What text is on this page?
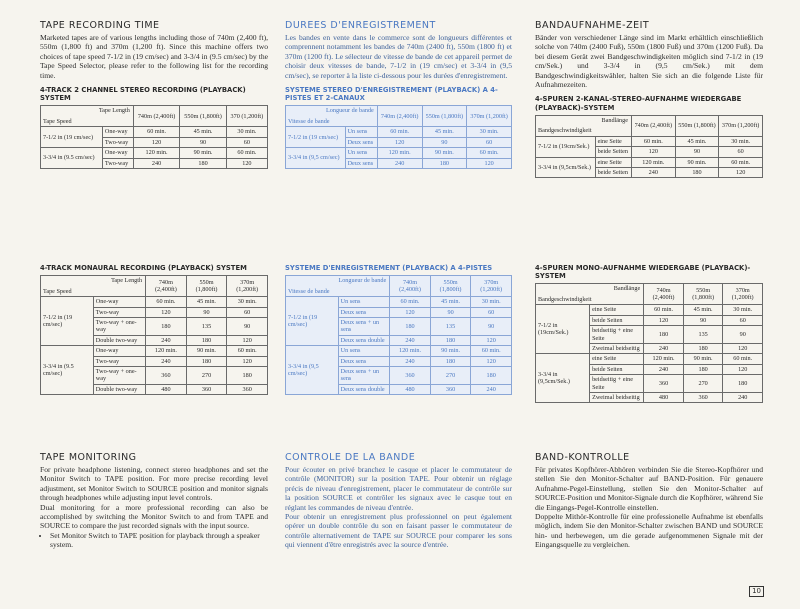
TAPE RECORDING TIME

Marketed tapes are of various lengths including those of 740m (2,400 ft), 550m (1,800 ft) and 370m (1,200 ft). Since this machine offers two choices of tape speed 7-1/2 in (19 cm/sec) and 3-3/4 in (9.5 cm/sec) by the Tape Speed Selector, please refer to the following list for the recording time.

4-TRACK 2 CHANNEL STEREO RECORDING (PLAYBACK) SYSTEM
Tape Length
Tape Speed		740m (2,400ft)	550m (1,800ft)	370 (1,200ft)
7-1/2 in (19 cm/sec)	One-way	60 min.	45 min.	30 min.
	Two-way	120	90	60
3-3/4 in (9.5 cm/sec)	One-way	120 min.	90 min.	60 min.
	Two-way	240	180	120
4-TRACK MONAURAL RECORDING (PLAYBACK) SYSTEM
Tape Length
Tape Speed		740m (2,400ft)	550m (1,800ft)	370m (1,200ft)
7-1/2 in (19 cm/sec)	One-way	60 min.	45 min.	30 min.
	Two-way	120	90	60
	Two-way + one-way	180	135	90
	Double two-way	240	180	120
3-3/4 in (9.5 cm/sec)	One-way	120 min.	90 min.	60 min.
	Two-way	240	180	120
	Two-way + one-way	360	270	180
	Double two-way	480	360	360
TAPE MONITORING

For private headphone listening, connect stereo headphones and set the Monitor Switch to TAPE position. For more precise recording level adjustment, set Monitor Switch to SOURCE position and monitor signals through headphones while adjusting input level controls.

Dual monitoring for a more professional recording can also be accomplished by switching the Monitor Switch to and from TAPE and SOURCE to compare the just recorded signals with the input source.

• Set Monitor Switch to TAPE position for playback through a speaker system.
DUREES D'ENREGISTREMENT

Les bandes en vente dans le commerce sont de longueurs différentes et comprennent notamment les bandes de 740m (2400 ft), 550m (1800 ft) et 370m (1200 ft). Le sélecteur de vitesse de bande de cet appareil permet de choisir deux vitesses de bande, 7-1/2 in (19 cm/sec) et 3-3/4 in (9,5 cm/sec), se reporter à la liste ci-dessous pour les durées d'enregistrement.

SYSTEME STEREO D'ENREGISTREMENT (PLAYBACK) A 4-PISTES ET 2-CANAUX
Longueur de bande
Vitesse de bande		740m (2,400ft)	550m (1,800ft)	370m (1,200ft)
7-1/2 in (19 cm/sec)	Un sens	60 min.	45 min.	30 min.
	Deux sens	120	90	60
3-3/4 in (9,5 cm/sec)	Un sens	120 min.	90 min.	60 min.
	Deux sens	240	180	120
SYSTEME D'ENREGISTREMENT (PLAYBACK) A 4-PISTES
Longueur de bande
Vitesse de bande		740m (2,400ft)	550m (1,800ft)	370m (1,200ft)
7-1/2 in (19 cm/sec)	Un sens	60 min.	45 min.	30 min.
	Deux sens	120	90	60
	Deux sens + un sens	180	135	90
	Deux sens double	240	180	120
3-3/4 in (9,5 cm/sec)	Un sens	120 min.	90 min.	60 min.
	Deux sens	240	180	120
	Deux sens + un sens	360	270	180
	Deux sens double	480	360	240
CONTROLE DE LA BANDE

Pour écouter en privé branchez le casque et placer le commutateur de contrôle (MONITOR) sur la position TAPE. Pour obtenir un réglage précis de niveau d'enregistrement, placer le commutateur de contrôle sur la position SOURCE et contrôler les signaux avec le casque tout en réglant les commandes de niveau d'entrée.

Pour obtenir un enregistrement plus professionnel on peut également opérer un double contrôle du son en faisant passer le commutateur de contrôle alternativement de TAPE sur SOURCE pour comparer les sons qui viennent d'être enregistrés avec la source d'entrée.

BANDAUFNAHME-ZEIT

Bänder von verschiedener Länge sind im Markt erhältlich einschließlich solche von 740m (2400 Fuß), 550m (1800 Fuß) und 370m (1200 Fuß). Da bei diesem Gerät zwei Bandgeschwindigkeiten möglich sind 7-1/2 in (19 cm/Sek.) und 3-3/4 in (9,5 cm/Sek.) mit dem Bandgeschwindigkeitswähler, halten Sie sich an die folgende Liste für Aufnahmezeiten.

4-SPUREN 2-KANAL-STEREO-AUFNAHME WIEDERGABE (PLAYBACK)-SYSTEM
Bandlänge
Bandgeschwindigkeit		740m (2,400ft)	550m (1,800ft)	370m (1,200ft)
7-1/2 in (19cm/Sek.)	eine Seite	60 min.	45 min.	30 min.
	beide Seiten	120	90	60
3-3/4 in (9,5cm/Sek.)	eine Seite	120 min.	90 min.	60 min.
	beide Seiten	240	180	120
4-SPUREN MONO-AUFNAHME WIEDERGABE (PLAYBACK)-SYSTEM
Bandlänge
Bandgeschwindigkeit		740m (2,400ft)	550m (1,800ft)	370m (1,200ft)
7-1/2 in (19cm/Sek.)	eine Seite	60 min.	45 min.	30 min.
	beide Seiten	120	90	60
	beidseitig + eine Seite	180	135	90
	Zweimal beidseitig	240	180	120
3-3/4 in (9,5cm/Sek.)	eine Seite	120 min.	90 min.	60 min.
	beide Seiten	240	180	120
	beidseitig + eine Seite	360	270	180
	Zweimal beidseitig	480	360	240
BAND-KONTROLLE

Für privates Kopfhörer-Abhören verbinden Sie die Stereo-Kopfhörer und stellen Sie den Monitor-Schalter auf BAND-Position. Für genauere Aufnahme-Pegel-Einstellung, stellen Sie den Monitor-Schalter auf SOURCE-Position und Monitor-Signale durch die Kopfhörer, während Sie die Eingangs-Pegel-Kontrolle einstellen.

Doppelte Mithör-Kontrolle für eine professionelle Aufnahme ist ebenfalls möglich, indem Sie den Monitor-Schalter zwischen BAND und SOURCE hin- und herbewegen, um die gerade aufgenommenen Signale mit der Eingangsquelle zu vergleichen.

10
